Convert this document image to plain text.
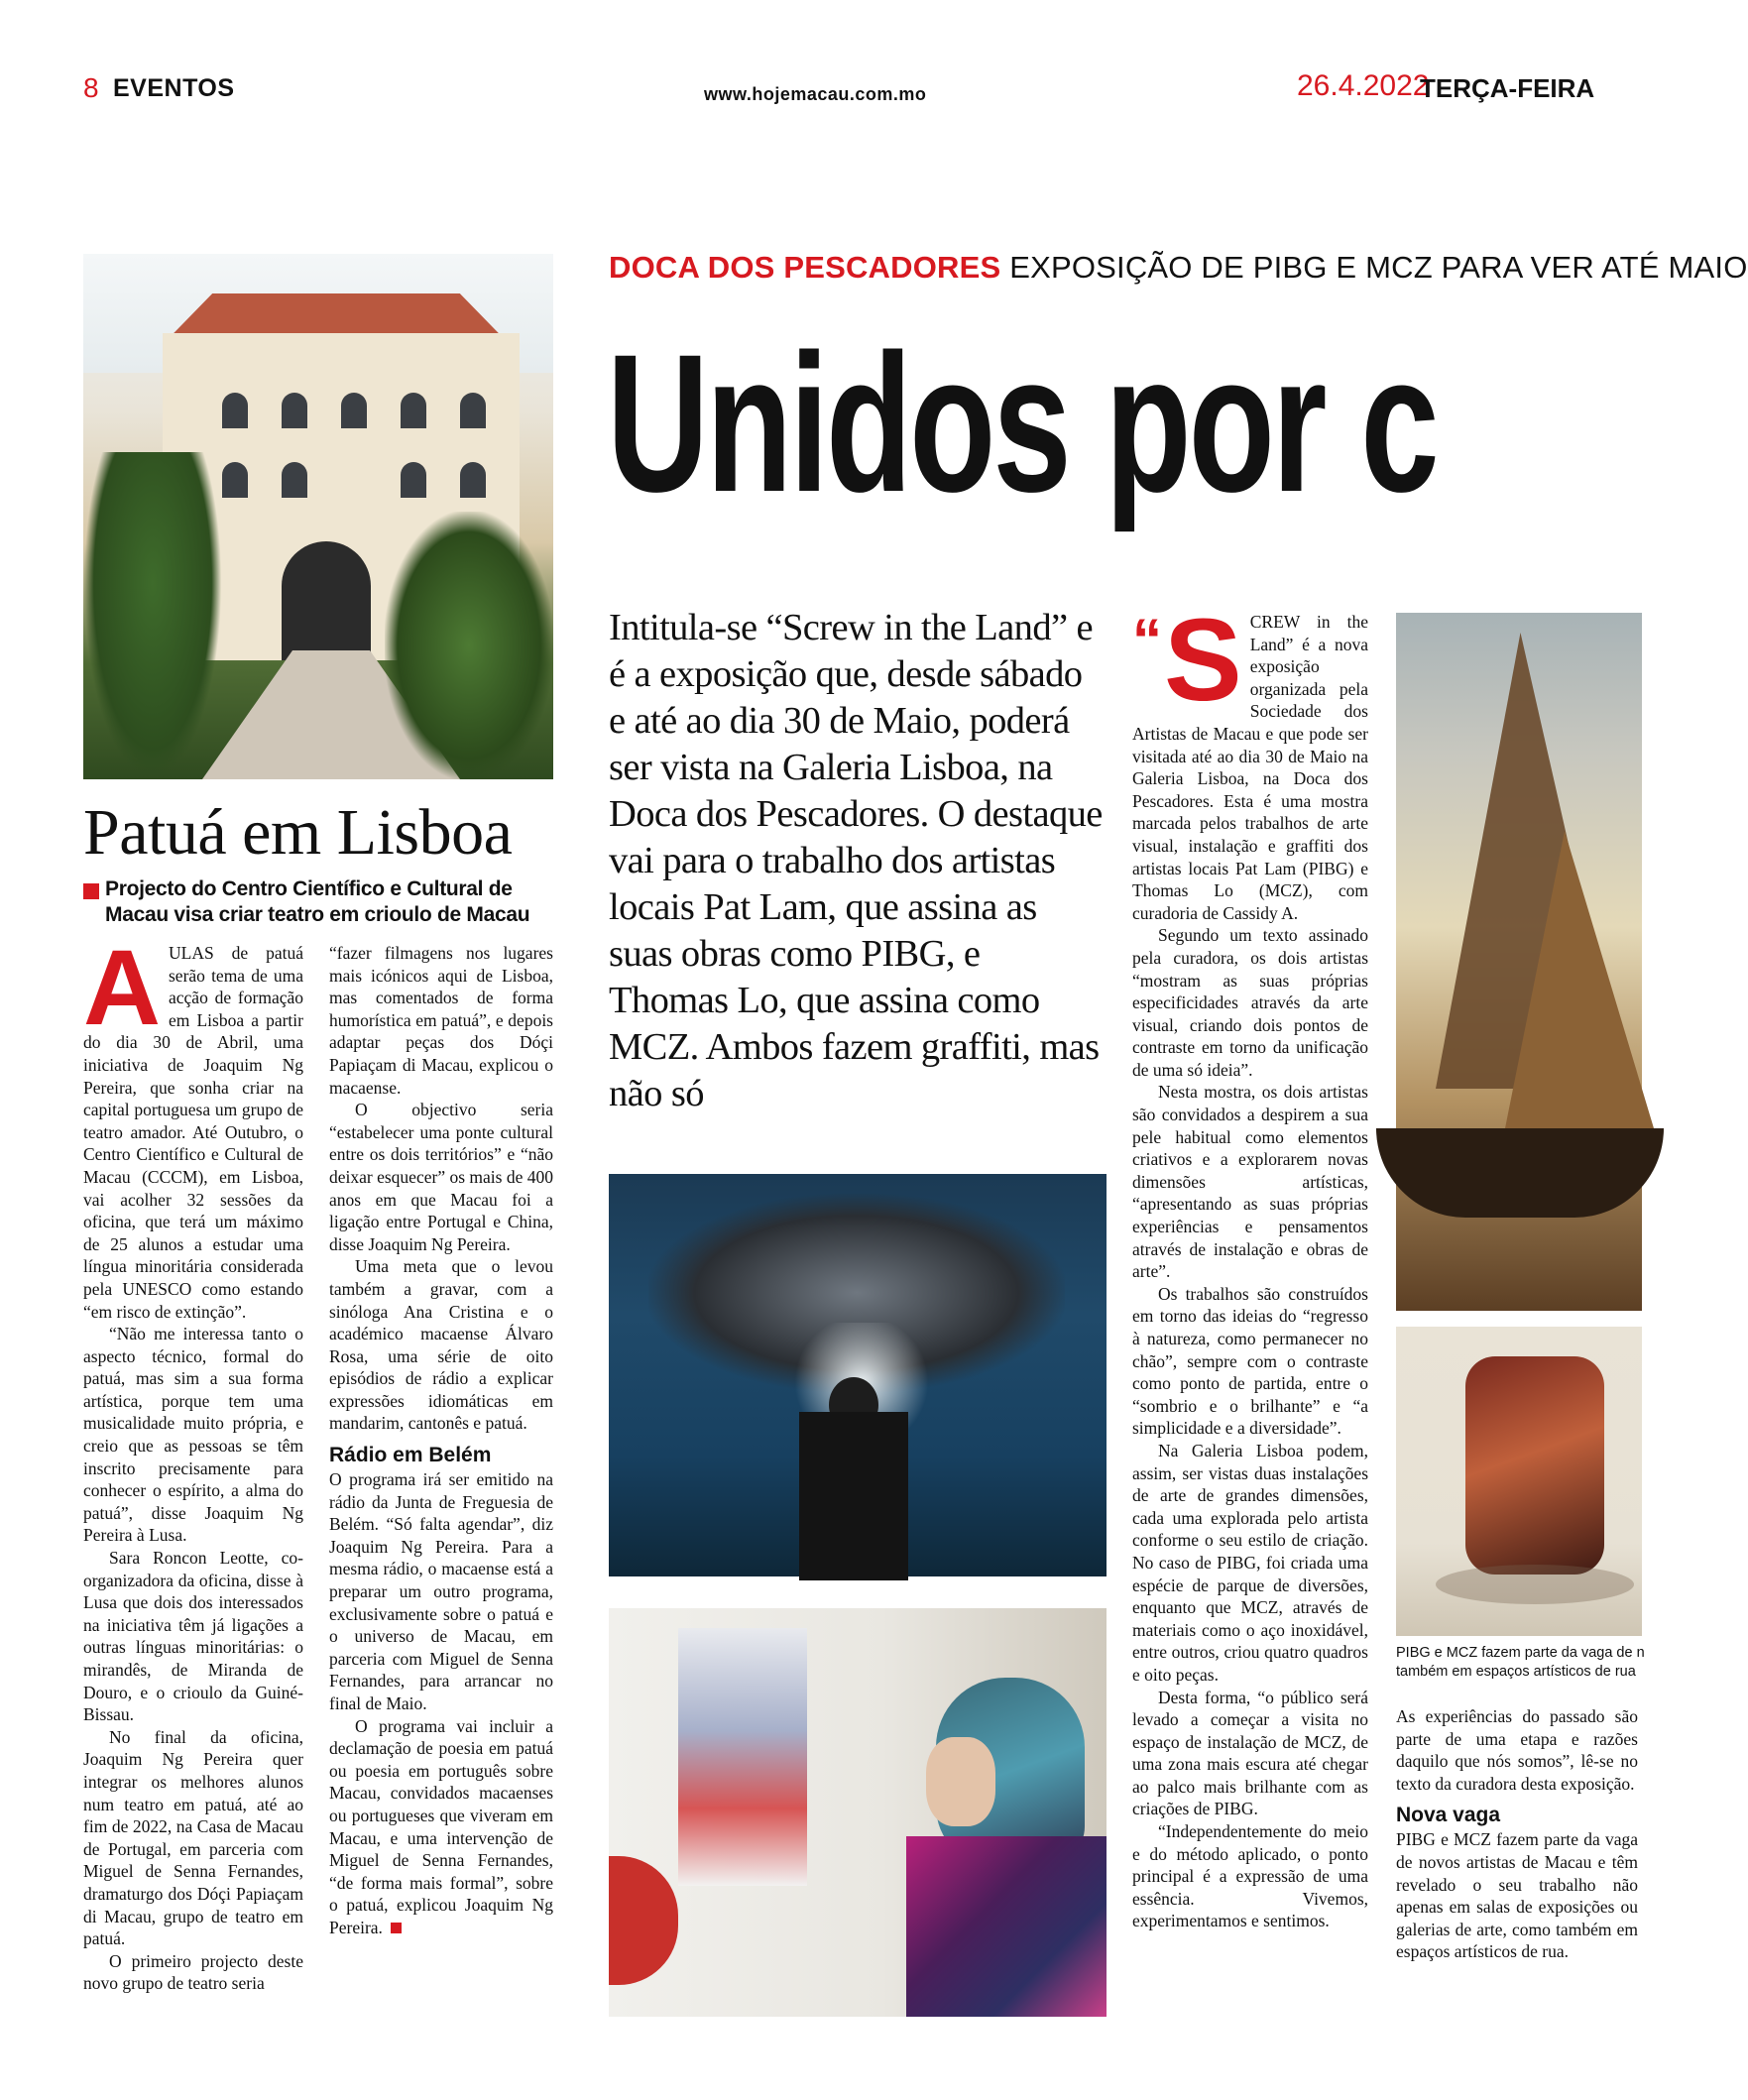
8 EVENTOS	www.hojemacau.com.mo	26.4.2022
TERÇA-FEIRA
Patuá em Lisboa
Projecto do Centro Científico e Cultural de Macau visa criar teatro em crioulo de Macau

AULAS de patuá serão tema de uma acção de formação em Lisboa a partir do dia 30 de Abril, uma iniciativa de Joaquim Ng Pereira, que sonha criar na capital portuguesa um grupo de teatro amador. Até Outubro, o Centro Científico e Cultural de Macau (CCCM), em Lisboa, vai acolher 32 sessões da oficina, que terá um máximo de 25 alunos a estudar uma língua minoritária considerada pela UNESCO como estando “em risco de extinção”.

“Não me interessa tanto o aspecto técnico, formal do patuá, mas sim a sua forma artística, porque tem uma musicalidade muito própria, e creio que as pessoas se têm inscrito precisamente para conhecer o espírito, a alma do patuá”, disse Joaquim Ng Pereira à Lusa.

Sara Roncon Leotte, co-organizadora da oficina, disse à Lusa que dois dos interessados na iniciativa têm já ligações a outras línguas minoritárias: o mirandês, de Miranda de Douro, e o crioulo da Guiné-Bissau.

No final da oficina, Joaquim Ng Pereira quer integrar os melhores alunos num teatro em patuá, até ao fim de 2022, na Casa de Macau de Portugal, em parceria com Miguel de Senna Fernandes, dramaturgo dos Dóçi Papiaçam di Macau, grupo de teatro em patuá.

O primeiro projecto deste novo grupo de teatro seria

“fazer filmagens nos lugares mais icónicos aqui de Lisboa, mas comentados de forma humorística em patuá”, e depois adaptar peças dos Dóçi Papiaçam di Macau, explicou o macaense.

O objectivo seria “estabelecer uma ponte cultural entre os dois territórios” e “não deixar esquecer” os mais de 400 anos em que Macau foi a ligação entre Portugal e China, disse Joaquim Ng Pereira.

Uma meta que o levou também a gravar, com a sinóloga Ana Cristina e o académico macaense Álvaro Rosa, uma série de oito episódios de rádio a explicar expressões idiomáticas em mandarim, cantonês e patuá.

Rádio em Belém

O programa irá ser emitido na rádio da Junta de Freguesia de Belém. “Só falta agendar”, diz Joaquim Ng Pereira. Para a mesma rádio, o macaense está a preparar um outro programa, exclusivamente sobre o patuá e o universo de Macau, em parceria com Miguel de Senna Fernandes, para arrancar no final de Maio.

O programa vai incluir a declamação de poesia em patuá ou poesia em português sobre Macau, convidados macaenses ou portugueses que viveram em Macau, e uma intervenção de Miguel de Senna Fernandes, “de forma mais formal”, sobre o patuá, explicou Joaquim Ng Pereira.

DOCA DOS PESCADORES EXPOSIÇÃO DE PIBG E MCZ PARA VER ATÉ MAIO
Unidos por c
Intitula-se “Screw in the Land” e é a exposição que, desde sábado e até ao dia 30 de Maio, poderá ser vista na Galeria Lisboa, na Doca dos Pescadores. O destaque vai para o trabalho dos artistas locais Pat Lam, que assina as suas obras como PIBG, e Thomas Lo, que assina como MCZ. Ambos fazem graffiti, mas não só

“S CREW in the Land” é a nova exposição organizada pela Sociedade dos Artistas de Macau e que pode ser visitada até ao dia 30 de Maio na Galeria Lisboa, na Doca dos Pescadores. Esta é uma mostra marcada pelos trabalhos de arte visual, instalação e graffiti dos artistas locais Pat Lam (PIBG) e Thomas Lo (MCZ), com curadoria de Cassidy A.

Segundo um texto assinado pela curadora, os dois artistas “mostram as suas próprias especificidades através da arte visual, criando dois pontos de contraste em torno da unificação de uma só ideia”.

Nesta mostra, os dois artistas são convidados a despirem a sua pele habitual como elementos criativos e a explorarem novas dimensões artísticas, “apresentando as suas próprias experiências e pensamentos através de instalação e obras de arte”.

Os trabalhos são construídos em torno das ideias do “regresso à natureza, como permanecer no chão”, sempre com o contraste como ponto de partida, entre o “sombrio e o brilhante” e “a simplicidade e a diversidade”.

Na Galeria Lisboa podem, assim, ser vistas duas instalações de arte de grandes dimensões, cada uma explorada pelo artista conforme o seu estilo de criação. No caso de PIBG, foi criada uma espécie de parque de diversões, enquanto que MCZ, através de materiais como o aço inoxidável, entre outros, criou quatro quadros e oito peças.

Desta forma, “o público será levado a começar a visita no espaço de instalação de MCZ, de uma zona mais escura até chegar ao palco mais brilhante com as criações de PIBG.

“Independentemente do meio e do método aplicado, o ponto principal é a expressão de uma essência. Vivemos, experimentamos e sentimos.

PIBG e MCZ fazem parte da vaga de n
também em espaços artísticos de rua

As experiências do passado são parte de uma etapa e razões daquilo que nós somos”, lê-se no texto da curadora desta exposição.

Nova vaga

PIBG e MCZ fazem parte da vaga de novos artistas de Macau e têm revelado o seu trabalho não apenas em salas de exposições ou galerias de arte, como também em espaços artísticos de rua.
